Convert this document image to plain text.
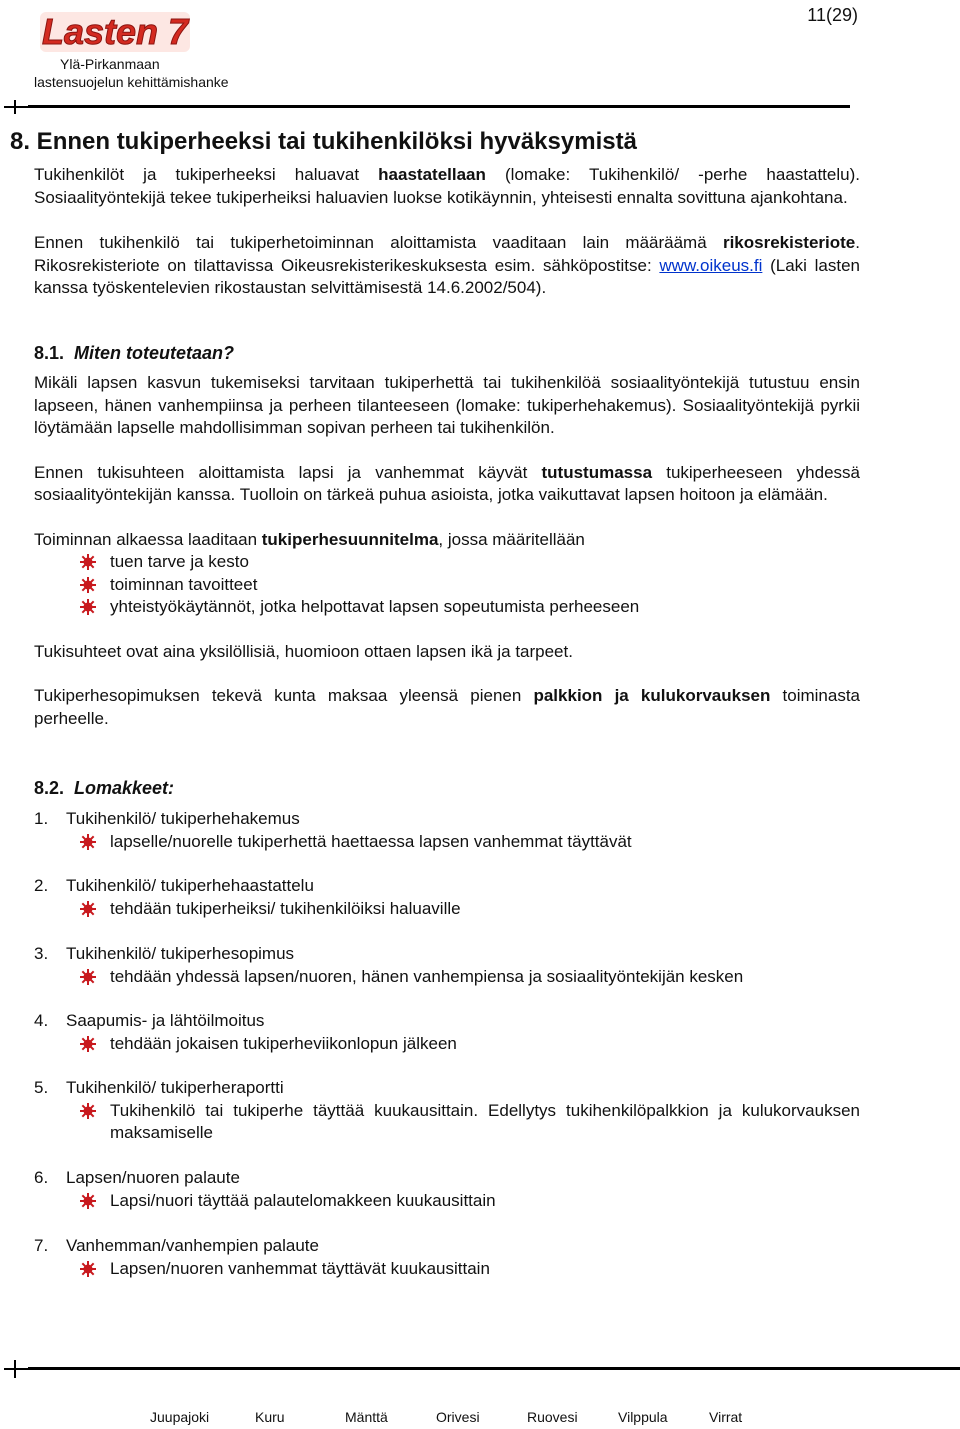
11(29)
Lasten 7
Ylä-Pirkanmaan
lastensuojelun kehittämishanke
8. Ennen tukiperheeksi tai tukihenkilöksi hyväksymistä

Tukihenkilöt ja tukiperheeksi haluavat haastatellaan (lomake: Tukihenkilö/ -perhe haastattelu). Sosiaalityöntekijä tekee tukiperheiksi haluavien luokse kotikäynnin, yhteisesti ennalta sovittuna ajankohtana.

Ennen tukihenkilö tai tukiperhetoiminnan aloittamista vaaditaan lain määräämä rikosrekisteriote. Rikosrekisteriote on tilattavissa Oikeusrekisterikeskuksesta esim. sähköpostitse: www.oikeus.fi (Laki lasten kanssa työskentelevien rikostaustan selvittämisestä 14.6.2002/504).

8.1. Miten toteutetaan?

Mikäli lapsen kasvun tukemiseksi tarvitaan tukiperhettä tai tukihenkilöä sosiaalityöntekijä tutustuu ensin lapseen, hänen vanhempiinsa ja perheen tilanteeseen (lomake: tukiperhehakemus). Sosiaalityöntekijä pyrkii löytämään lapselle mahdollisimman sopivan perheen tai tukihenkilön.

Ennen tukisuhteen aloittamista lapsi ja vanhemmat käyvät tutustumassa tukiperheeseen yhdessä sosiaalityöntekijän kanssa. Tuolloin on tärkeä puhua asioista, jotka vaikuttavat lapsen hoitoon ja elämään.

Toiminnan alkaessa laaditaan tukiperhesuunnitelma, jossa määritellään

tuen tarve ja kesto
toiminnan tavoitteet
yhteistyökäytännöt, jotka helpottavat lapsen sopeutumista perheeseen

Tukisuhteet ovat aina yksilöllisiä, huomioon ottaen lapsen ikä ja tarpeet.

Tukiperhesopimuksen tekevä kunta maksaa yleensä pienen palkkion ja kulukorvauksen toiminasta perheelle.

8.2. Lomakkeet:
1. Tukihenkilö/ tukiperhehakemus
lapselle/nuorelle tukiperhettä haettaessa lapsen vanhemmat täyttävät
2. Tukihenkilö/ tukiperhehaastattelu
tehdään tukiperheiksi/ tukihenkilöiksi haluaville
3. Tukihenkilö/ tukiperhesopimus
tehdään yhdessä lapsen/nuoren, hänen vanhempiensa ja sosiaalityöntekijän kesken
4. Saapumis- ja lähtöilmoitus
tehdään jokaisen tukiperheviikonlopun jälkeen
5. Tukihenkilö/ tukiperheraportti
Tukihenkilö tai tukiperhe täyttää kuukausittain. Edellytys tukihenkilöpalkkion ja kulukorvauksen maksamiselle
6. Lapsen/nuoren palaute
Lapsi/nuori täyttää palautelomakkeen kuukausittain
7. Vanhemman/vanhempien palaute
Lapsen/nuoren vanhemmat täyttävät kuukausittain
Juupajoki	Kuru	Mänttä	Orivesi	Ruovesi	Vilppula	Virrat
